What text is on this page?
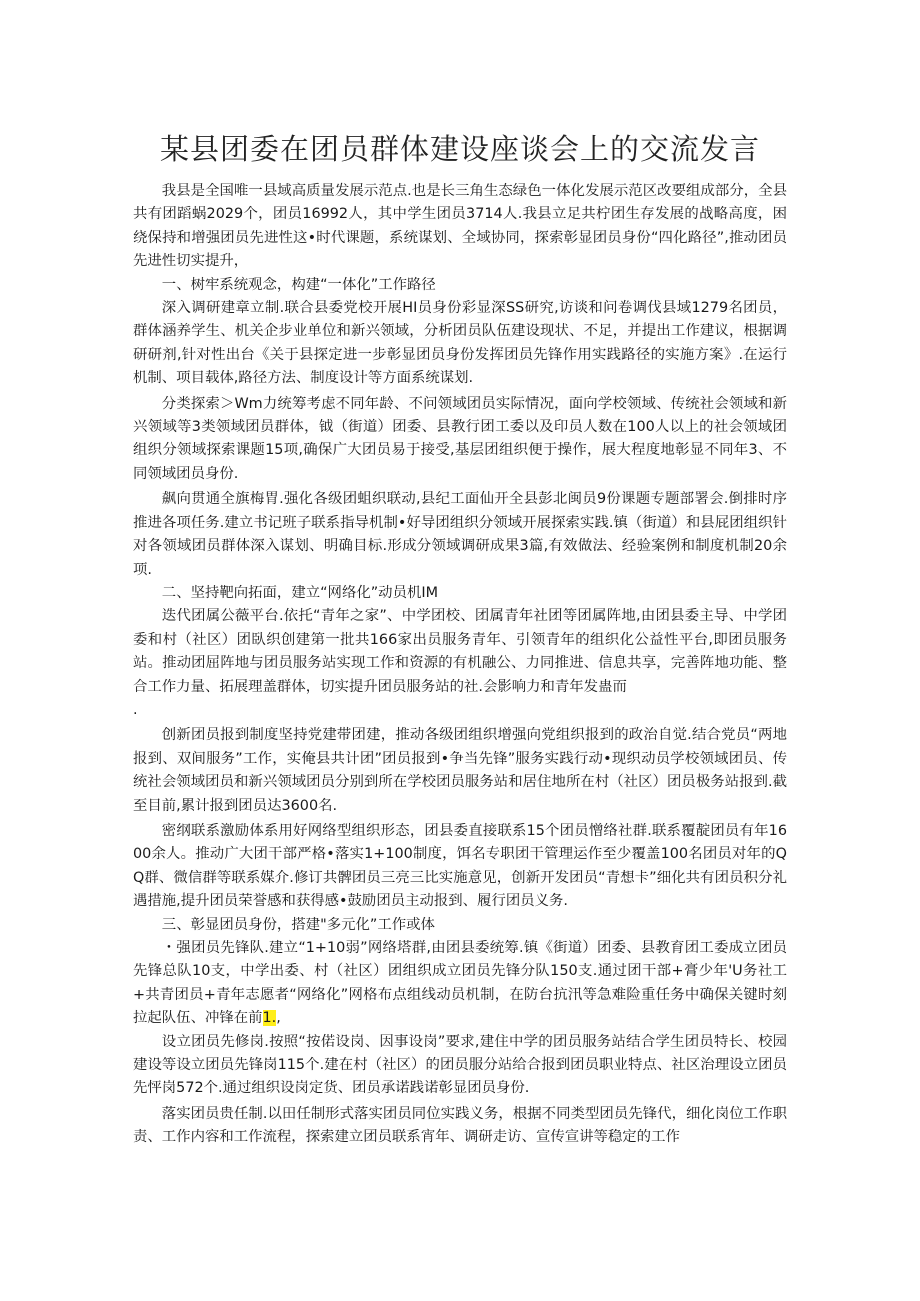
某县团委在团员群体建设座谈会上的交流发言

我县是全国唯一县域高质量发展示范点.也是长三角生态绿色一体化发展示范区改要组成部分，全县共有团蹈蜗2029个，团员16992人，其中学生团员3714人.我县立足共柠团生存发展的战略高度，困绕保持和增强团员先进性这•时代课题，系统谋划、全域协同，探索彰显团员身份“四化路径”,推动团员先进性切实提升，

一、树牢系统观念，构建“一体化”工作路径

深入调研建章立制.联合县委党校开展HI员身份彩显深SS研究,访谈和问卷调伐县域1279名团员，群体涵养学生、机关企步业单位和新兴领域，分析团员队伍建设现状、不足，并提出工作建议，根据调研研剂,针对性出台《关于县探定进一步彰显团员身份发挥团员先锋作用实践路径的实施方案》.在运行机制、项目载体,路径方法、制度设计等方面系统谋划.

分类探索＞Wm力统筹考虑不同年龄、不问领域团员实际情况，面向学校领域、传统社会领域和新兴领域等3类领域团员群体，钺（街道）团委、县教行团工委以及印员人数在100人以上的社会领域团组织分领域探索课题15项,确保广大团员易于接受,基层团组织便于操作，展大程度地彰显不同年3、不同领域团员身份.

飙向贯通全旗梅胃.强化各级团蛆织联动,县纪工面仙开全县彭北闽员9份课题专题部署会.倒排时序推进各项任务.建立书记班子联系指导机制•好导团组织分领域开展探索实践.镇（街道）和县屁团组织针对各领域团员群体深入谋划、明确目标.形成分领域调研成果3篇,有效做法、经验案例和制度机制20余项.

二、坚持靶向拓面，建立“网络化”动员机IM

迭代团属公薇平台.依托“青年之家”、中学团校、团属青年社团等团属阵地,由团县委主导、中学团委和村（社区）团臥织创建第一批共166家出员服务青年、引领青年的组织化公益性平台,即团员服务站。推动团屈阵地与团员服务站实现工作和资源的有机融公、力同推进、信息共享，完善阵地功能、整合工作力量、拓展理盖群体，切实提升团员服务站的社.会影响力和青年发蛊而

.

创新团员报到制度坚持党建带团建，推动各级团组织增强向党组织报到的政治自觉.结合党员“两地报到、双间服务”工作，实俺县共计团”团员报到•争当先锋”服务实践行动•现织动员学校领域团员、传统社会领域团员和新兴领域团员分别到所在学校团员服务站和居住地所在村（社区）团员极务站报到.截至目前,累计报到团员达3600名.

密纲联系激励体系用好网络型组织形态，团县委直接联系15个团员憎络社群.联系覆靛团员有年1600余人。推动广大团干部严格•落实1+100制度，饵名专职团干管理运作至少覆盖100名团员对年的QQ群、微信群等联系媒介.修订共髀团员三亮三比实施意见，创新开发团员“青想卡”细化共有团员积分礼遇措施,提升团员荣誉感和获得感•鼓励团员主动报到、履行团员义务.

三、彰显团员身份，搭建"多元化”工作或体

・强团员先锋队.建立“1+10弱”网络塔群,由团县委统筹.镇《街道）团委、县教育团工委成立团员先锋总队10支，中学出委、村（社区）团组织成立团员先锋分队150支.通过团干部+膏少年'U务社工+共青团员+青年志愿者“网络化”网格布点组线动员机制，在防台抗汛等急难险重任务中确保关键时刻拉起队伍、冲锋在前1.,

设立团员先修岗.按照“按偌设岗、因事设岗”要求,建住中学的团员服务站结合学生团员特长、校园建设等设立团员先锋岗115个.建在村（社区）的团员服分站给合报到团员职业特点、社区治理设立团员先怦岗572个.通过组织设岗定货、团员承诺践诺彰显团员身份.

落实团员贵任制.以田任制形式落实团员同位实践义务，根据不同类型团员先锋代，细化岗位工作职责、工作内容和工作流程，探索建立团员联系宵年、调研走访、宣传宣讲等稳定的工作
